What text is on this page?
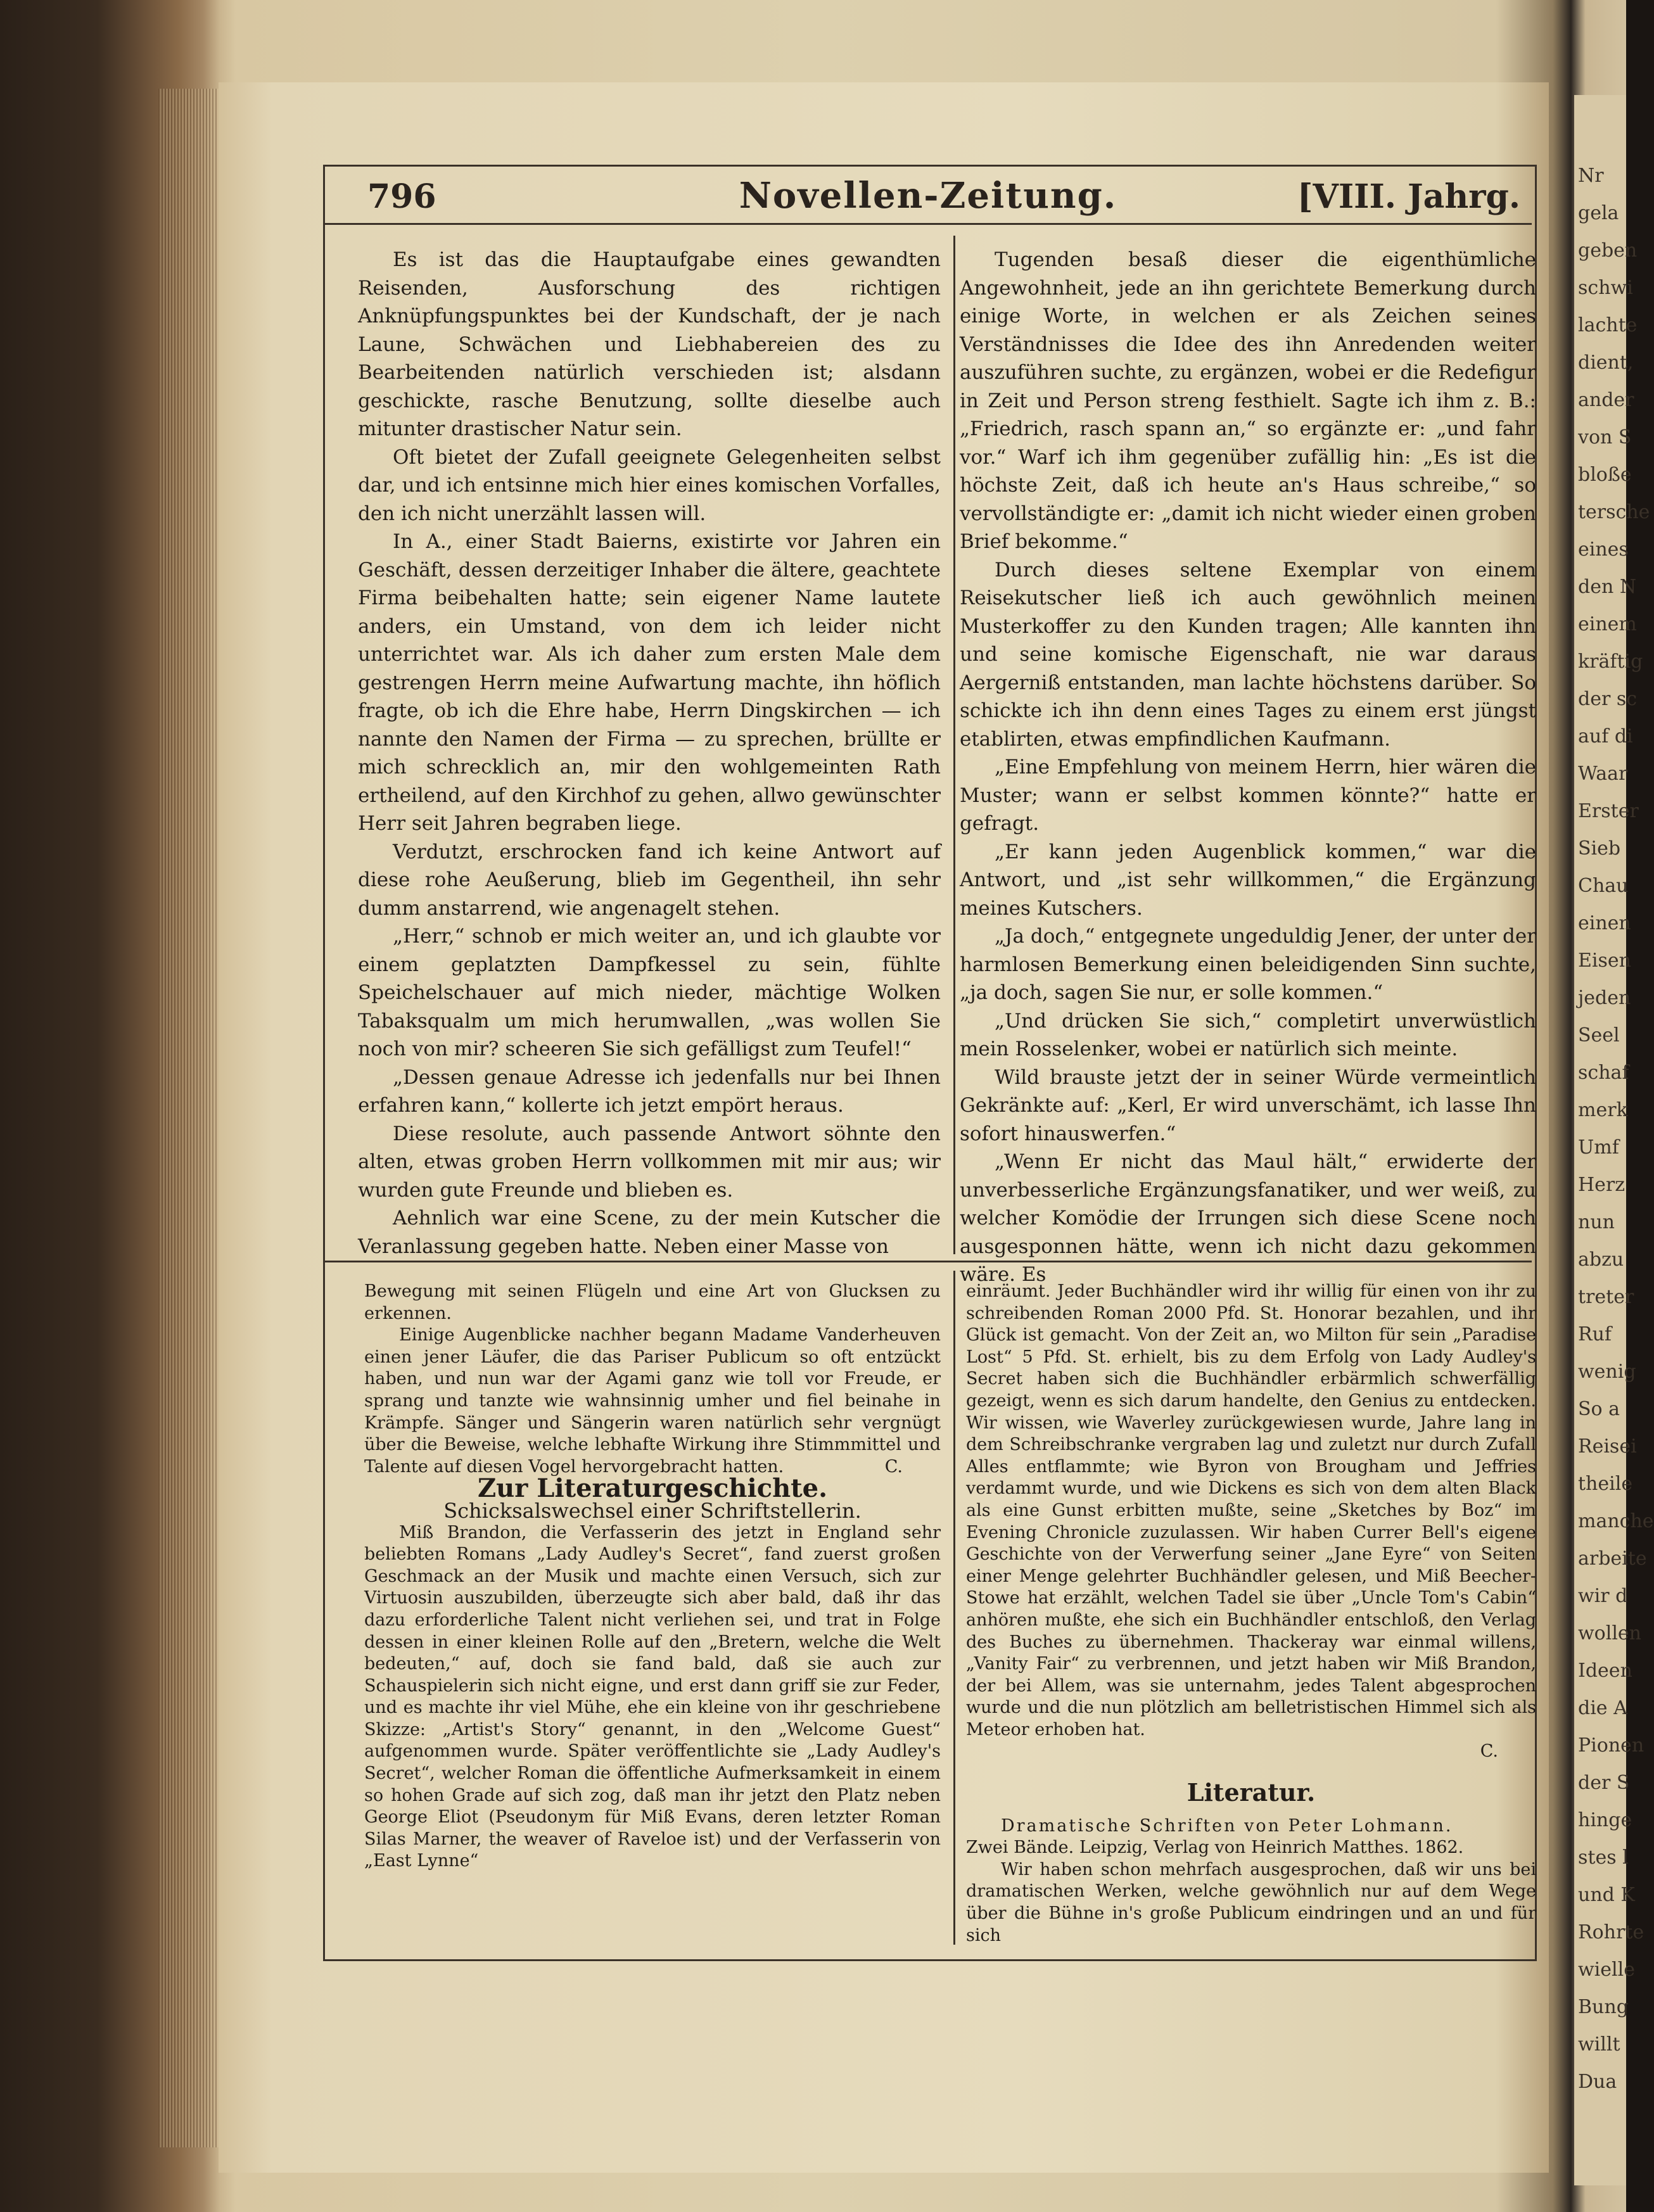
Nr
gela
geben
schwi
lachte
dient,
ander
von S
bloße
tersche
eines
den N
einem
kräftig
der sc
auf di
Waar
Erster
Sieb
Chau
einen
Eisen
jeden
Seel
schaf
merk
Umf
Herz
nun
abzu
treter
Ruf
wenig
So a
Reisei
theile
manche
arbeite
wir d
wollen
Ideen
die A
Pionen
der S
hinge
stes l
und K
Rohrte
wielle
Bung
willt
Dua
796	Novellen-Zeitung.	[VIII. Jahrg.

Es ist das die Hauptaufgabe eines gewandten Reisenden, Ausforschung des richtigen Anknüpfungspunktes bei der Kundschaft, der je nach Laune, Schwächen und Liebhabereien des zu Bearbeitenden natürlich verschieden ist; alsdann geschickte, rasche Benutzung, sollte dieselbe auch mitunter drastischer Natur sein.

Oft bietet der Zufall geeignete Gelegenheiten selbst dar, und ich entsinne mich hier eines komischen Vorfalles, den ich nicht unerzählt lassen will.

In A., einer Stadt Baierns, existirte vor Jahren ein Geschäft, dessen derzeitiger Inhaber die ältere, geachtete Firma beibehalten hatte; sein eigener Name lautete anders, ein Umstand, von dem ich leider nicht unterrichtet war. Als ich daher zum ersten Male dem gestrengen Herrn meine Aufwartung machte, ihn höflich fragte, ob ich die Ehre habe, Herrn Dingskirchen — ich nannte den Namen der Firma — zu sprechen, brüllte er mich schrecklich an, mir den wohlgemeinten Rath ertheilend, auf den Kirchhof zu gehen, allwo gewünschter Herr seit Jahren begraben liege.

Verdutzt, erschrocken fand ich keine Antwort auf diese rohe Aeußerung, blieb im Gegentheil, ihn sehr dumm anstarrend, wie angenagelt stehen.

„Herr,“ schnob er mich weiter an, und ich glaubte vor einem geplatzten Dampfkessel zu sein, fühlte Speichelschauer auf mich nieder, mächtige Wolken Tabaksqualm um mich herumwallen, „was wollen Sie noch von mir? scheeren Sie sich gefälligst zum Teufel!“

„Dessen genaue Adresse ich jedenfalls nur bei Ihnen erfahren kann,“ kollerte ich jetzt empört heraus.

Diese resolute, auch passende Antwort söhnte den alten, etwas groben Herrn vollkommen mit mir aus; wir wurden gute Freunde und blieben es.

Aehnlich war eine Scene, zu der mein Kutscher die Veranlassung gegeben hatte. Neben einer Masse von

Tugenden besaß dieser die eigenthümliche Angewohnheit, jede an ihn gerichtete Bemerkung durch einige Worte, in welchen er als Zeichen seines Verständnisses die Idee des ihn Anredenden weiter auszuführen suchte, zu ergänzen, wobei er die Redefigur in Zeit und Person streng festhielt. Sagte ich ihm z. B.: „Friedrich, rasch spann an,“ so ergänzte er: „und fahr vor.“ Warf ich ihm gegenüber zufällig hin: „Es ist die höchste Zeit, daß ich heute an's Haus schreibe,“ so vervollständigte er: „damit ich nicht wieder einen groben Brief bekomme.“

Durch dieses seltene Exemplar von einem Reisekutscher ließ ich auch gewöhnlich meinen Musterkoffer zu den Kunden tragen; Alle kannten ihn und seine komische Eigenschaft, nie war daraus Aergerniß entstanden, man lachte höchstens darüber. So schickte ich ihn denn eines Tages zu einem erst jüngst etablirten, etwas empfindlichen Kaufmann.

„Eine Empfehlung von meinem Herrn, hier wären die Muster; wann er selbst kommen könnte?“ hatte er gefragt.

„Er kann jeden Augenblick kommen,“ war die Antwort, und „ist sehr willkommen,“ die Ergänzung meines Kutschers.

„Ja doch,“ entgegnete ungeduldig Jener, der unter der harmlosen Bemerkung einen beleidigenden Sinn suchte, „ja doch, sagen Sie nur, er solle kommen.“

„Und drücken Sie sich,“ completirt unverwüstlich mein Rosselenker, wobei er natürlich sich meinte.

Wild brauste jetzt der in seiner Würde vermeintlich Gekränkte auf: „Kerl, Er wird unverschämt, ich lasse Ihn sofort hinauswerfen.“

„Wenn Er nicht das Maul hält,“ erwiderte der unverbesserliche Ergänzungsfanatiker, und wer weiß, zu welcher Komödie der Irrungen sich diese Scene noch ausgesponnen hätte, wenn ich nicht dazu gekommen wäre. Es

Bewegung mit seinen Flügeln und eine Art von Glucksen zu erkennen.

Einige Augenblicke nachher begann Madame Vanderheuven einen jener Läufer, die das Pariser Publicum so oft entzückt haben, und nun war der Agami ganz wie toll vor Freude, er sprang und tanzte wie wahnsinnig umher und fiel beinahe in Krämpfe. Sänger und Sängerin waren natürlich sehr vergnügt über die Beweise, welche lebhafte Wirkung ihre Stimmmittel und Talente auf diesen Vogel hervorgebracht hatten.	C.

Zur Literaturgeschichte.

Schicksalswechsel einer Schriftstellerin.

Miß Brandon, die Verfasserin des jetzt in England sehr beliebten Romans „Lady Audley's Secret“, fand zuerst großen Geschmack an der Musik und machte einen Versuch, sich zur Virtuosin auszubilden, überzeugte sich aber bald, daß ihr das dazu erforderliche Talent nicht verliehen sei, und trat in Folge dessen in einer kleinen Rolle auf den „Bretern, welche die Welt bedeuten,“ auf, doch sie fand bald, daß sie auch zur Schauspielerin sich nicht eigne, und erst dann griff sie zur Feder, und es machte ihr viel Mühe, ehe ein kleine von ihr geschriebene Skizze: „Artist's Story“ genannt, in den „Welcome Guest“ aufgenommen wurde. Später veröffentlichte sie „Lady Audley's Secret“, welcher Roman die öffentliche Aufmerksamkeit in einem so hohen Grade auf sich zog, daß man ihr jetzt den Platz neben George Eliot (Pseudonym für Miß Evans, deren letzter Roman Silas Marner, the weaver of Raveloe ist) und der Verfasserin von „East Lynne“

einräumt. Jeder Buchhändler wird ihr willig für einen von ihr zu schreibenden Roman 2000 Pfd. St. Honorar bezahlen, und ihr Glück ist gemacht. Von der Zeit an, wo Milton für sein „Paradise Lost“ 5 Pfd. St. erhielt, bis zu dem Erfolg von Lady Audley's Secret haben sich die Buchhändler erbärmlich schwerfällig gezeigt, wenn es sich darum handelte, den Genius zu entdecken. Wir wissen, wie Waverley zurückgewiesen wurde, Jahre lang in dem Schreibschranke vergraben lag und zuletzt nur durch Zufall Alles entflammte; wie Byron von Brougham und Jeffries verdammt wurde, und wie Dickens es sich von dem alten Black als eine Gunst erbitten mußte, seine „Sketches by Boz“ im Evening Chronicle zuzulassen. Wir haben Currer Bell's eigene Geschichte von der Verwerfung seiner „Jane Eyre“ von Seiten einer Menge gelehrter Buchhändler gelesen, und Miß Beecher-Stowe hat erzählt, welchen Tadel sie über „Uncle Tom's Cabin“ anhören mußte, ehe sich ein Buchhändler entschloß, den Verlag des Buches zu übernehmen. Thackeray war einmal willens, „Vanity Fair“ zu verbrennen, und jetzt haben wir Miß Brandon, der bei Allem, was sie unternahm, jedes Talent abgesprochen wurde und die nun plötzlich am belletristischen Himmel sich als Meteor erhoben hat.

C.

Literatur.

Dramatische Schriften von Peter Lohmann.

Zwei Bände. Leipzig, Verlag von Heinrich Matthes. 1862.

Wir haben schon mehrfach ausgesprochen, daß wir uns bei dramatischen Werken, welche gewöhnlich nur auf dem Wege über die Bühne in's große Publicum eindringen und an und für sich
